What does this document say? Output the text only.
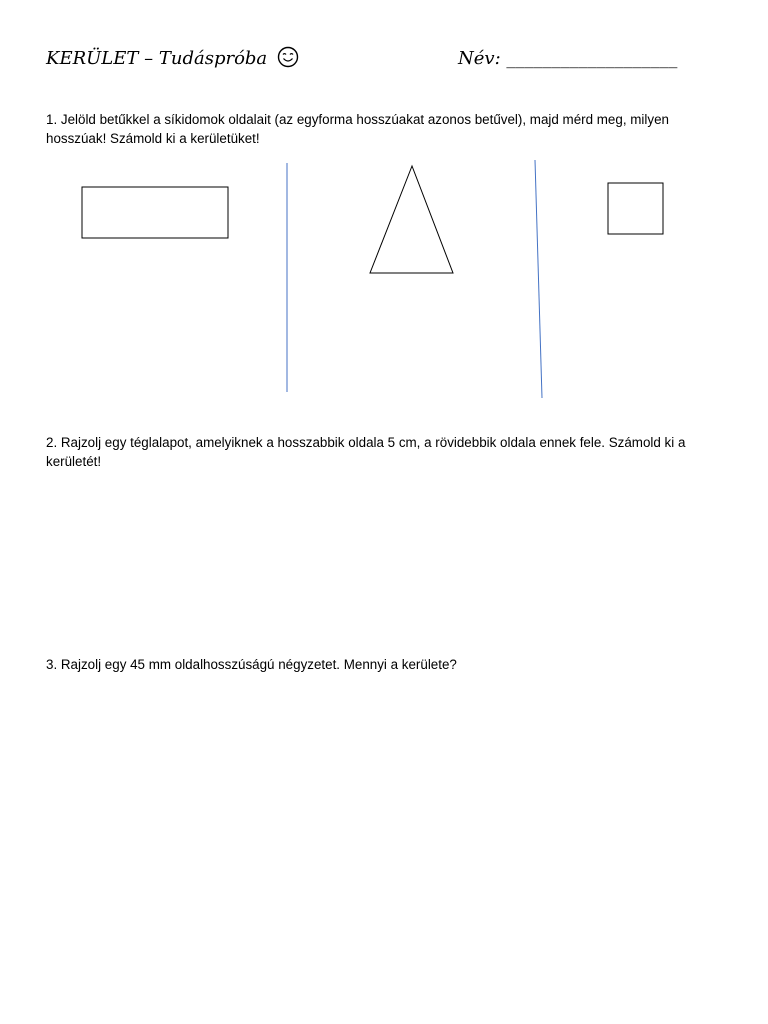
KERÜLET – Tudáspróba	Név: ___________________
1. Jelöld betűkkel a síkidomok oldalait (az egyforma hosszúakat azonos betűvel), majd mérd meg, milyen hosszúak! Számold ki a kerületüket!
2. Rajzolj egy téglalapot, amelyiknek a hosszabbik oldala 5 cm, a rövidebbik oldala ennek fele. Számold ki a kerületét!
3. Rajzolj egy 45 mm oldalhosszúságú négyzetet. Mennyi a kerülete?
